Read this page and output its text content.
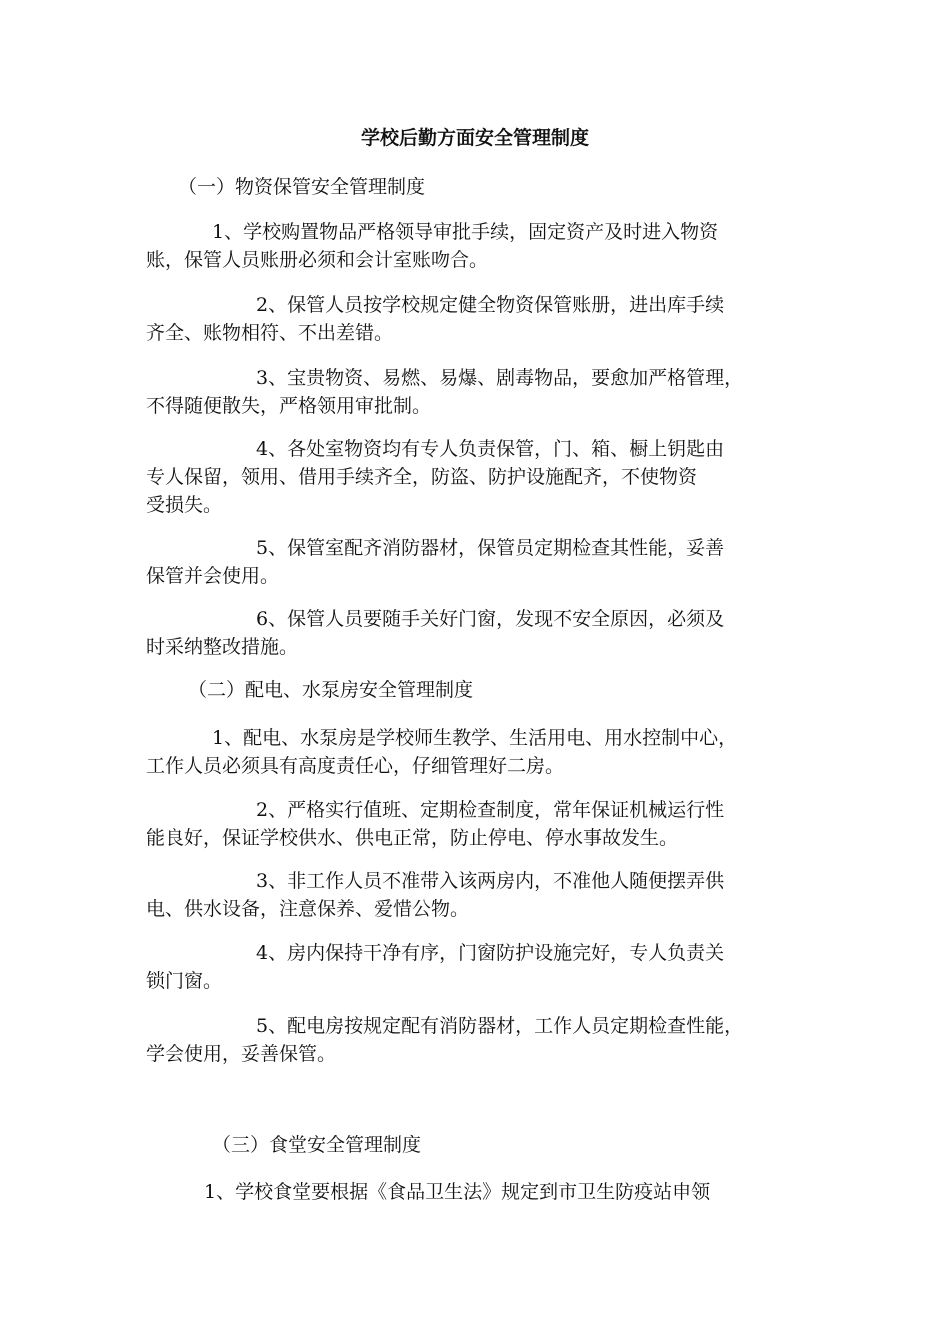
学校后勤方面安全管理制度
（一）物资保管安全管理制度
1、学校购置物品严格领导审批手续，固定资产及时进入物资
账，保管人员账册必须和会计室账吻合。
2、保管人员按学校规定健全物资保管账册，进出库手续
齐全、账物相符、不出差错。
3、宝贵物资、易燃、易爆、剧毒物品，要愈加严格管理，
不得随便散失，严格领用审批制。
4、各处室物资均有专人负责保管，门、箱、橱上钥匙由
专人保留，领用、借用手续齐全，防盗、防护设施配齐，不使物资
受损失。
5、保管室配齐消防器材，保管员定期检查其性能，妥善
保管并会使用。
6、保管人员要随手关好门窗，发现不安全原因，必须及
时采纳整改措施。
（二）配电、水泵房安全管理制度
1、配电、水泵房是学校师生教学、生活用电、用水控制中心，
工作人员必须具有高度责任心，仔细管理好二房。
2、严格实行值班、定期检查制度，常年保证机械运行性
能良好，保证学校供水、供电正常，防止停电、停水事故发生。
3、非工作人员不准带入该两房内，不准他人随便摆弄供
电、供水设备，注意保养、爱惜公物。
4、房内保持干净有序，门窗防护设施完好，专人负责关
锁门窗。
5、配电房按规定配有消防器材，工作人员定期检查性能，
学会使用，妥善保管。
（三）食堂安全管理制度
1、学校食堂要根据《食品卫生法》规定到市卫生防疫站申领
